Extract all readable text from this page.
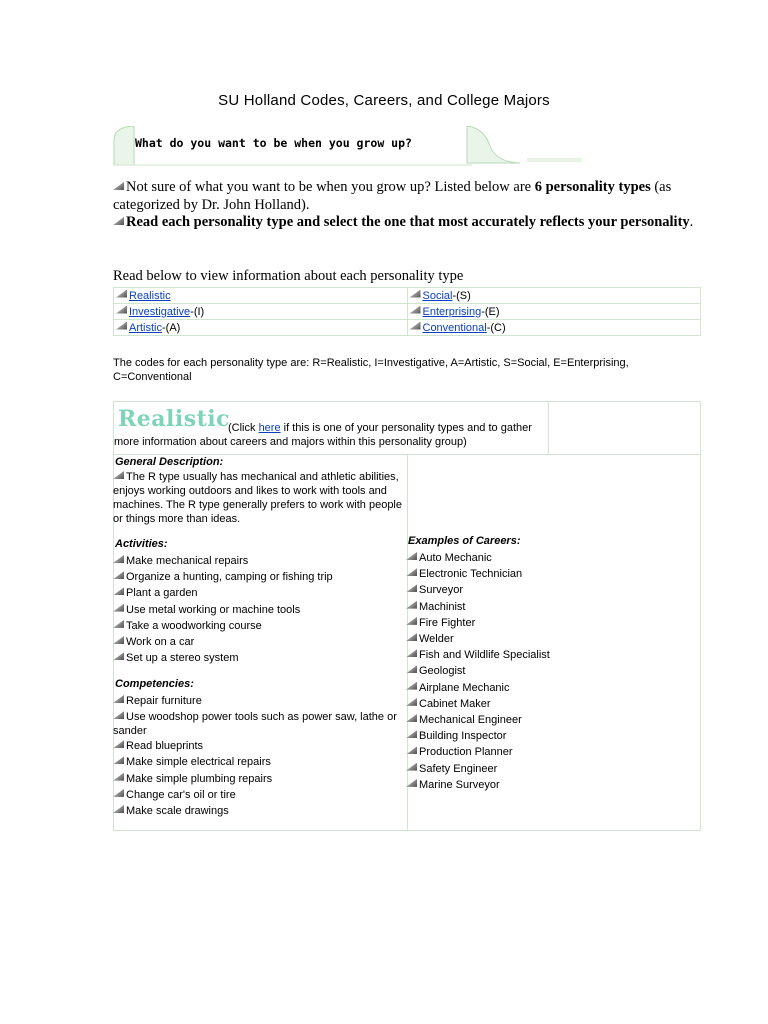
SU Holland Codes, Careers, and College Majors
What do you want to be when you grow up?
Not sure of what you want to be when you grow up? Listed below are 6 personality types (as categorized by Dr. John Holland).
Read each personality type and select the one that most accurately reflects your personality.
Read below to view information about each personality type
Realistic	Social-(S)
Investigative-(I)	Enterprising-(E)
Artistic-(A)	Conventional-(C)
The codes for each personality type are: R=Realistic, I=Investigative, A=Artistic, S=Social, E=Enterprising, C=Conventional
Realistic
(Click here if this is one of your personality types and to gather more information about careers and majors within this personality group)
General Description:
The R type usually has mechanical and athletic abilities, enjoys working outdoors and likes to work with tools and machines. The R type generally prefers to work with people or things more than ideas.
Activities:
Make mechanical repairs
Organize a hunting, camping or fishing trip
Plant a garden
Use metal working or machine tools
Take a woodworking course
Work on a car
Set up a stereo system
Competencies:
Repair furniture
Use woodshop power tools such as power saw, lathe or
sander
Read blueprints
Make simple electrical repairs
Make simple plumbing repairs
Change car's oil or tire
Make scale drawings
Examples of Careers:
Auto Mechanic
Electronic Technician
Surveyor
Machinist
Fire Fighter
Welder
Fish and Wildlife Specialist
Geologist
Airplane Mechanic
Cabinet Maker
Mechanical Engineer
Building Inspector
Production Planner
Safety Engineer
Marine Surveyor
